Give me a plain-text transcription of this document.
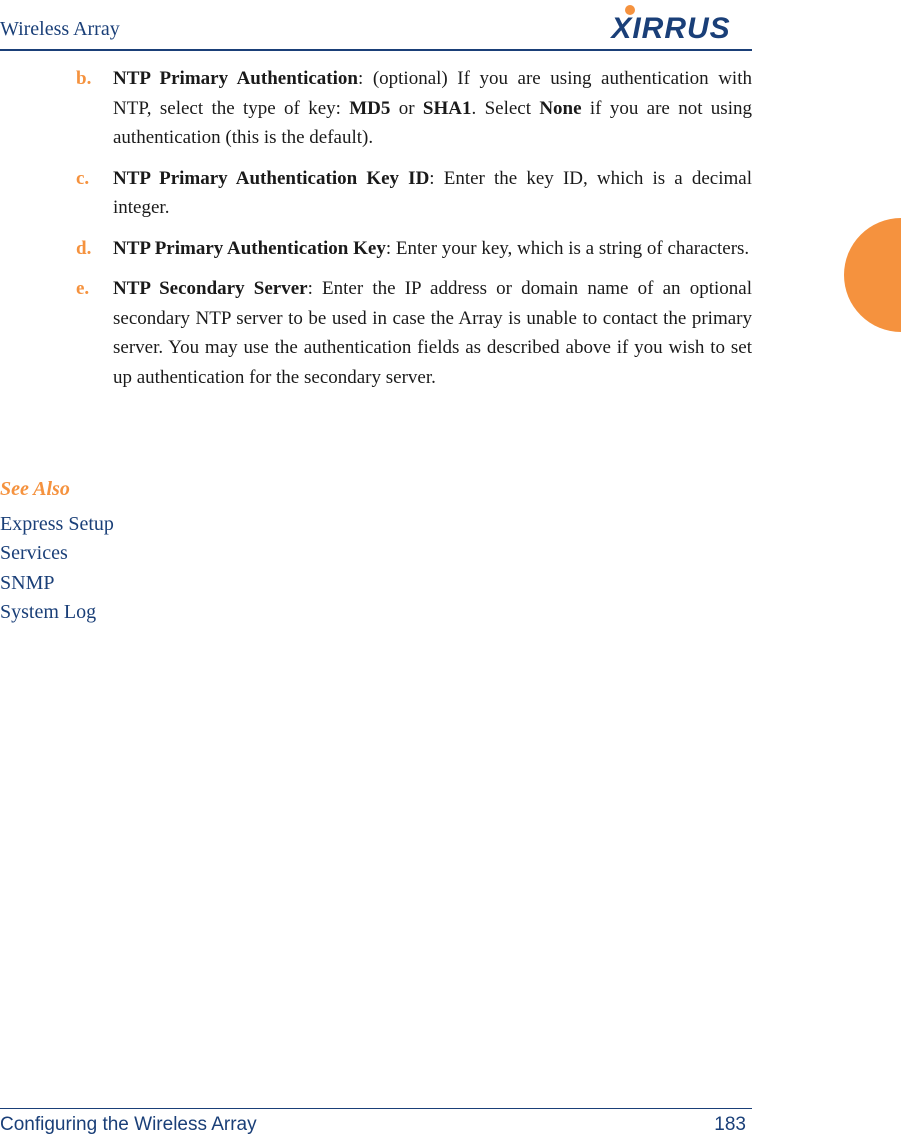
Wireless Array	XIRRUS
b. NTP Primary Authentication: (optional) If you are using authentication with NTP, select the type of key: MD5 or SHA1. Select None if you are not using authentication (this is the default).
c. NTP Primary Authentication Key ID: Enter the key ID, which is a decimal integer.
d. NTP Primary Authentication Key: Enter your key, which is a string of characters.
e. NTP Secondary Server: Enter the IP address or domain name of an optional secondary NTP server to be used in case the Array is unable to contact the primary server. You may use the authentication fields as described above if you wish to set up authentication for the secondary server.
See Also
Express Setup
Services
SNMP
System Log
Configuring the Wireless Array	183
